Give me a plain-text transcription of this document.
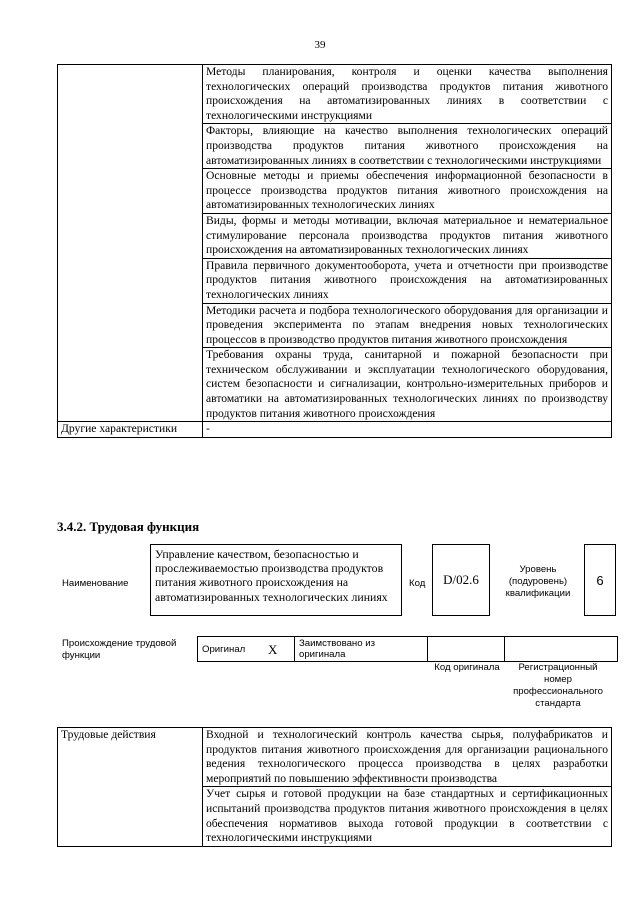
39
	Методы планирования, контроля и оценки качества выполнения технологических операций производства продуктов питания животного происхождения на автоматизированных линиях в соответствии с технологическими инструкциями
	Факторы, влияющие на качество выполнения технологических операций производства продуктов питания животного происхождения на автоматизированных линиях в соответствии с технологическими инструкциями
	Основные методы и приемы обеспечения информационной безопасности в процессе производства продуктов питания животного происхождения на автоматизированных технологических линиях
	Виды, формы и методы мотивации, включая материальное и нематериальное стимулирование персонала производства продуктов питания животного происхождения на автоматизированных технологических линиях
	Правила первичного документооборота, учета и отчетности при производстве продуктов питания животного происхождения на автоматизированных технологических линиях
	Методики расчета и подбора технологического оборудования для организации и проведения эксперимента по этапам внедрения новых технологических процессов в производство продуктов питания животного происхождения
	Требования охраны труда, санитарной и пожарной безопасности при техническом обслуживании и эксплуатации технологического оборудования, систем безопасности и сигнализации, контрольно-измерительных приборов и автоматики на автоматизированных технологических линиях по производству продуктов питания животного происхождения
Другие характеристики	-
3.4.2. Трудовая функция
Наименование
Управление качеством, безопасностью и прослеживаемостью производства продуктов питания животного происхождения на автоматизированных технологических линиях
Код D/02.6
Уровень (подуровень) квалификации
6
Происхождение трудовой функции
Оригинал	X	Заимствовано из оригинала		
Код оригинала	Регистрационный номер профессионального стандарта
Трудовые действия	Входной и технологический контроль качества сырья, полуфабрикатов и продуктов питания животного происхождения для организации рационального ведения технологического процесса производства в целях разработки мероприятий по повышению эффективности производства
Учет сырья и готовой продукции на базе стандартных и сертификационных испытаний производства продуктов питания животного происхождения в целях обеспечения нормативов выхода готовой продукции в соответствии с технологическими инструкциями
